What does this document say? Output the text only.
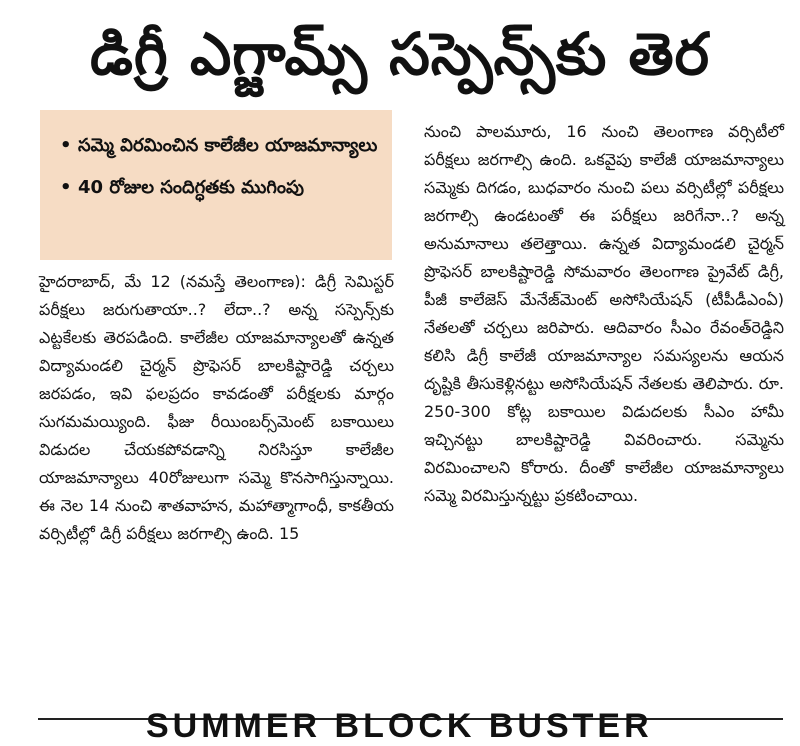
డిగ్రీ ఎగ్జామ్స్ సస్పెన్స్‌కు తెర
• సమ్మె విరమించిన కాలేజీల యాజమాన్యాలు
• 40 రోజుల సందిగ్ధతకు ముగింపు

హైదరాబాద్, మే 12 (నమస్తే తెలంగాణ): డిగ్రీ సెమిస్టర్ పరీక్షలు జరుగుతాయా..? లేదా..? అన్న సస్పెన్స్‌కు ఎట్టకేలకు తెరపడింది. కాలేజీల యాజమాన్యాలతో ఉన్నత విద్యామండలి చైర్మన్ ప్రొఫెసర్ బాలకిష్టారెడ్డి చర్చలు జరపడం, ఇవి ఫలప్రదం కావడంతో పరీక్షలకు మార్గం సుగమమయ్యింది. ఫీజు రీయింబర్స్‌మెంట్ బకాయిలు విడుదల చేయకపోవడాన్ని నిరసిస్తూ కాలేజీల యాజమాన్యాలు 40రోజులుగా సమ్మె కొనసాగిస్తున్నాయి. ఈ నెల 14 నుంచి శాతవాహన, మహాత్మాగాంధీ, కాకతీయ వర్సిటీల్లో డిగ్రీ పరీక్షలు జరగాల్సి ఉంది. 15

నుంచి పాలమూరు, 16 నుంచి తెలంగాణ వర్సిటీలో పరీక్షలు జరగాల్సి ఉంది. ఒకవైపు కాలేజీ యాజమాన్యాలు సమ్మెకు దిగడం, బుధవారం నుంచి పలు వర్సిటీల్లో పరీక్షలు జరగాల్సి ఉండటంతో ఈ పరీక్షలు జరిగేనా..? అన్న అనుమానాలు తలెత్తాయి. ఉన్నత విద్యామండలి చైర్మన్ ప్రొఫెసర్ బాలకిష్టారెడ్డి సోమవారం తెలంగాణ ప్రైవేట్ డిగ్రీ, పీజీ కాలేజెస్ మేనేజ్‌మెంట్ అసోసియేషన్ (టీపీడీఎంఏ) నేతలతో చర్చలు జరిపారు. ఆదివారం సీఎం రేవంత్‌రెడ్డిని కలిసి డిగ్రీ కాలేజీ యాజమాన్యాల సమస్యలను ఆయన దృష్టికి తీసుకెళ్లినట్టు అసోసియేషన్ నేతలకు తెలిపారు. రూ. 250-300 కోట్ల బకాయిల విడుదలకు సీఎం హామీ ఇచ్చినట్టు బాలకిష్టారెడ్డి వివరించారు. సమ్మెను విరమించాలని కోరారు. దీంతో కాలేజీల యాజమాన్యాలు సమ్మె విరమిస్తున్నట్టు ప్రకటించాయి.

SUMMER BLOCK BUSTER
